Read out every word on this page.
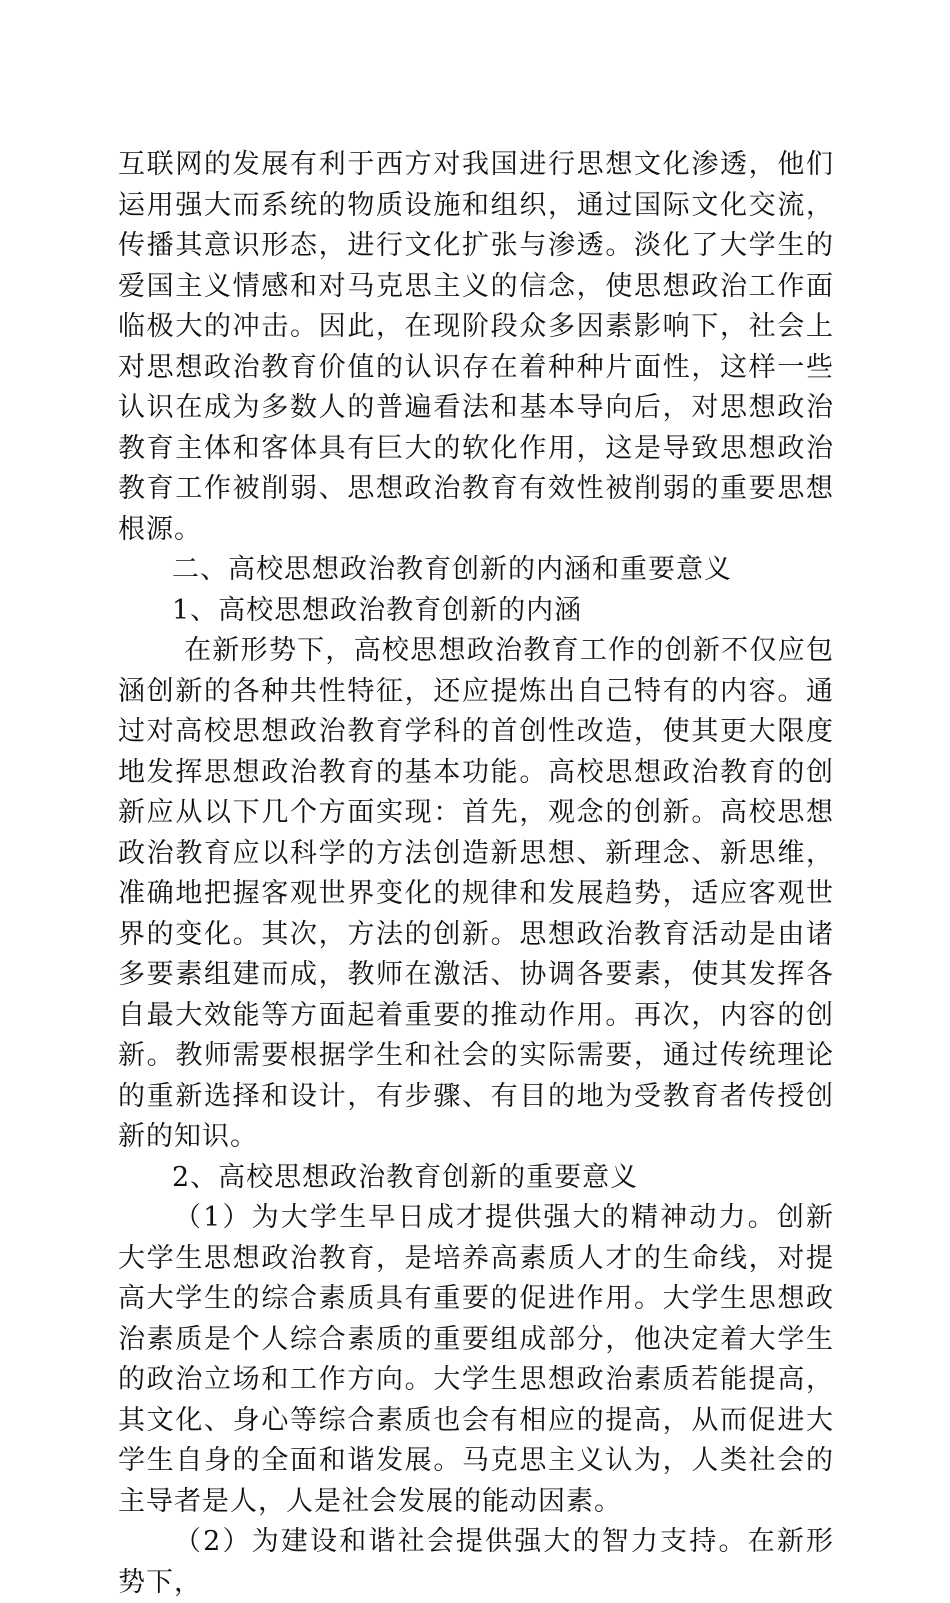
互联网的发展有利于西方对我国进行思想文化渗透，他们运用强大而系统的物质设施和组织，通过国际文化交流，传播其意识形态，进行文化扩张与渗透。淡化了大学生的爱国主义情感和对马克思主义的信念，使思想政治工作面临极大的冲击。因此，在现阶段众多因素影响下，社会上对思想政治教育价值的认识存在着种种片面性，这样一些认识在成为多数人的普遍看法和基本导向后，对思想政治教育主体和客体具有巨大的软化作用，这是导致思想政治教育工作被削弱、思想政治教育有效性被削弱的重要思想根源。

二、高校思想政治教育创新的内涵和重要意义

1、高校思想政治教育创新的内涵

在新形势下，高校思想政治教育工作的创新不仅应包涵创新的各种共性特征，还应提炼出自己特有的内容。通过对高校思想政治教育学科的首创性改造，使其更大限度地发挥思想政治教育的基本功能。高校思想政治教育的创新应从以下几个方面实现：首先，观念的创新。高校思想政治教育应以科学的方法创造新思想、新理念、新思维，准确地把握客观世界变化的规律和发展趋势，适应客观世界的变化。其次，方法的创新。思想政治教育活动是由诸多要素组建而成，教师在激活、协调各要素，使其发挥各自最大效能等方面起着重要的推动作用。再次，内容的创新。教师需要根据学生和社会的实际需要，通过传统理论的重新选择和设计，有步骤、有目的地为受教育者传授创新的知识。

2、高校思想政治教育创新的重要意义

（1）为大学生早日成才提供强大的精神动力。创新大学生思想政治教育，是培养高素质人才的生命线，对提高大学生的综合素质具有重要的促进作用。大学生思想政治素质是个人综合素质的重要组成部分，他决定着大学生的政治立场和工作方向。大学生思想政治素质若能提高，其文化、身心等综合素质也会有相应的提高，从而促进大学生自身的全面和谐发展。马克思主义认为，人类社会的主导者是人，人是社会发展的能动因素。

（2）为建设和谐社会提供强大的智力支持。在新形势下，
